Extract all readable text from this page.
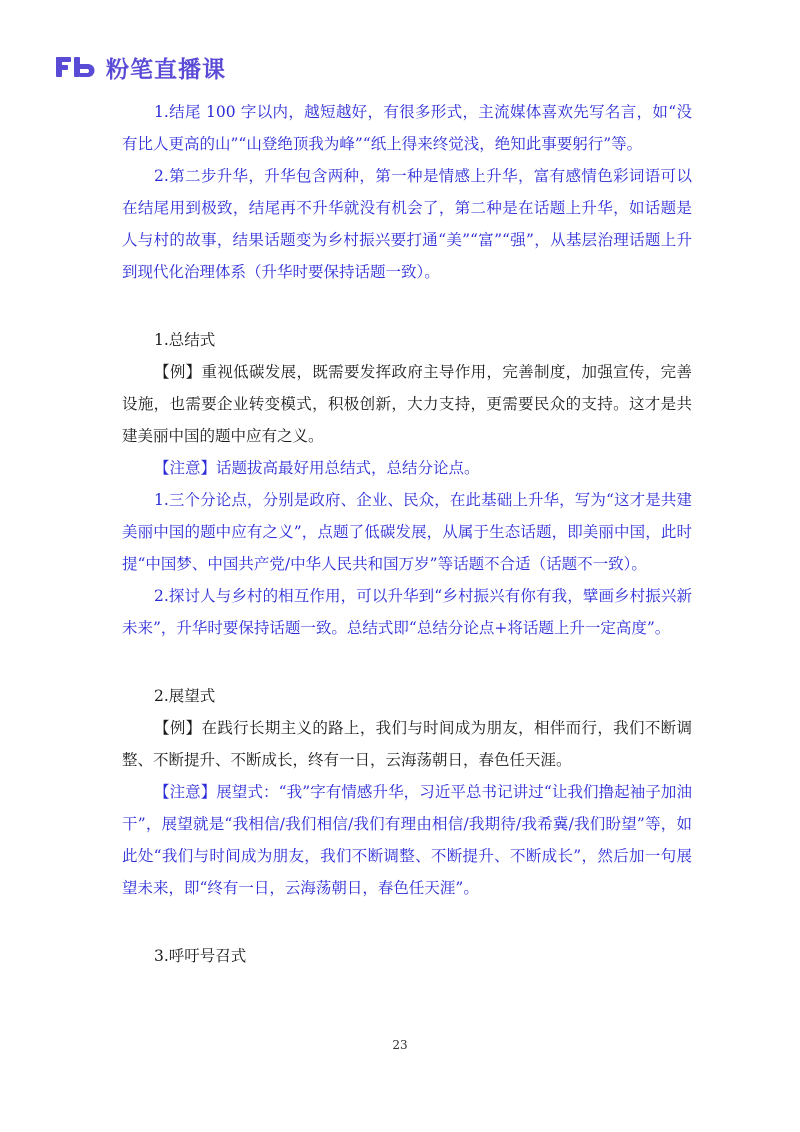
粉笔直播课

1.结尾 100 字以内，越短越好，有很多形式，主流媒体喜欢先写名言，如“没有比人更高的山”“山登绝顶我为峰”“纸上得来终觉浅，绝知此事要躬行”等。

2.第二步升华，升华包含两种，第一种是情感上升华，富有感情色彩词语可以在结尾用到极致，结尾再不升华就没有机会了，第二种是在话题上升华，如话题是人与村的故事，结果话题变为乡村振兴要打通“美”“富”“强”，从基层治理话题上升到现代化治理体系（升华时要保持话题一致）。

1.总结式

【例】重视低碳发展，既需要发挥政府主导作用，完善制度，加强宣传，完善设施，也需要企业转变模式，积极创新，大力支持，更需要民众的支持。这才是共建美丽中国的题中应有之义。

【注意】话题拔高最好用总结式，总结分论点。

1.三个分论点，分别是政府、企业、民众，在此基础上升华，写为“这才是共建美丽中国的题中应有之义”，点题了低碳发展，从属于生态话题，即美丽中国，此时提“中国梦、中国共产党/中华人民共和国万岁”等话题不合适（话题不一致）。

2.探讨人与乡村的相互作用，可以升华到“乡村振兴有你有我，擘画乡村振兴新未来”，升华时要保持话题一致。总结式即“总结分论点+将话题上升一定高度”。

2.展望式

【例】在践行长期主义的路上，我们与时间成为朋友，相伴而行，我们不断调整、不断提升、不断成长，终有一日，云海荡朝日，春色任天涯。

【注意】展望式：“我”字有情感升华，习近平总书记讲过“让我们撸起袖子加油干”，展望就是“我相信/我们相信/我们有理由相信/我期待/我希冀/我们盼望”等，如此处“我们与时间成为朋友，我们不断调整、不断提升、不断成长”，然后加一句展望未来，即“终有一日，云海荡朝日，春色任天涯”。

3.呼吁号召式

23
